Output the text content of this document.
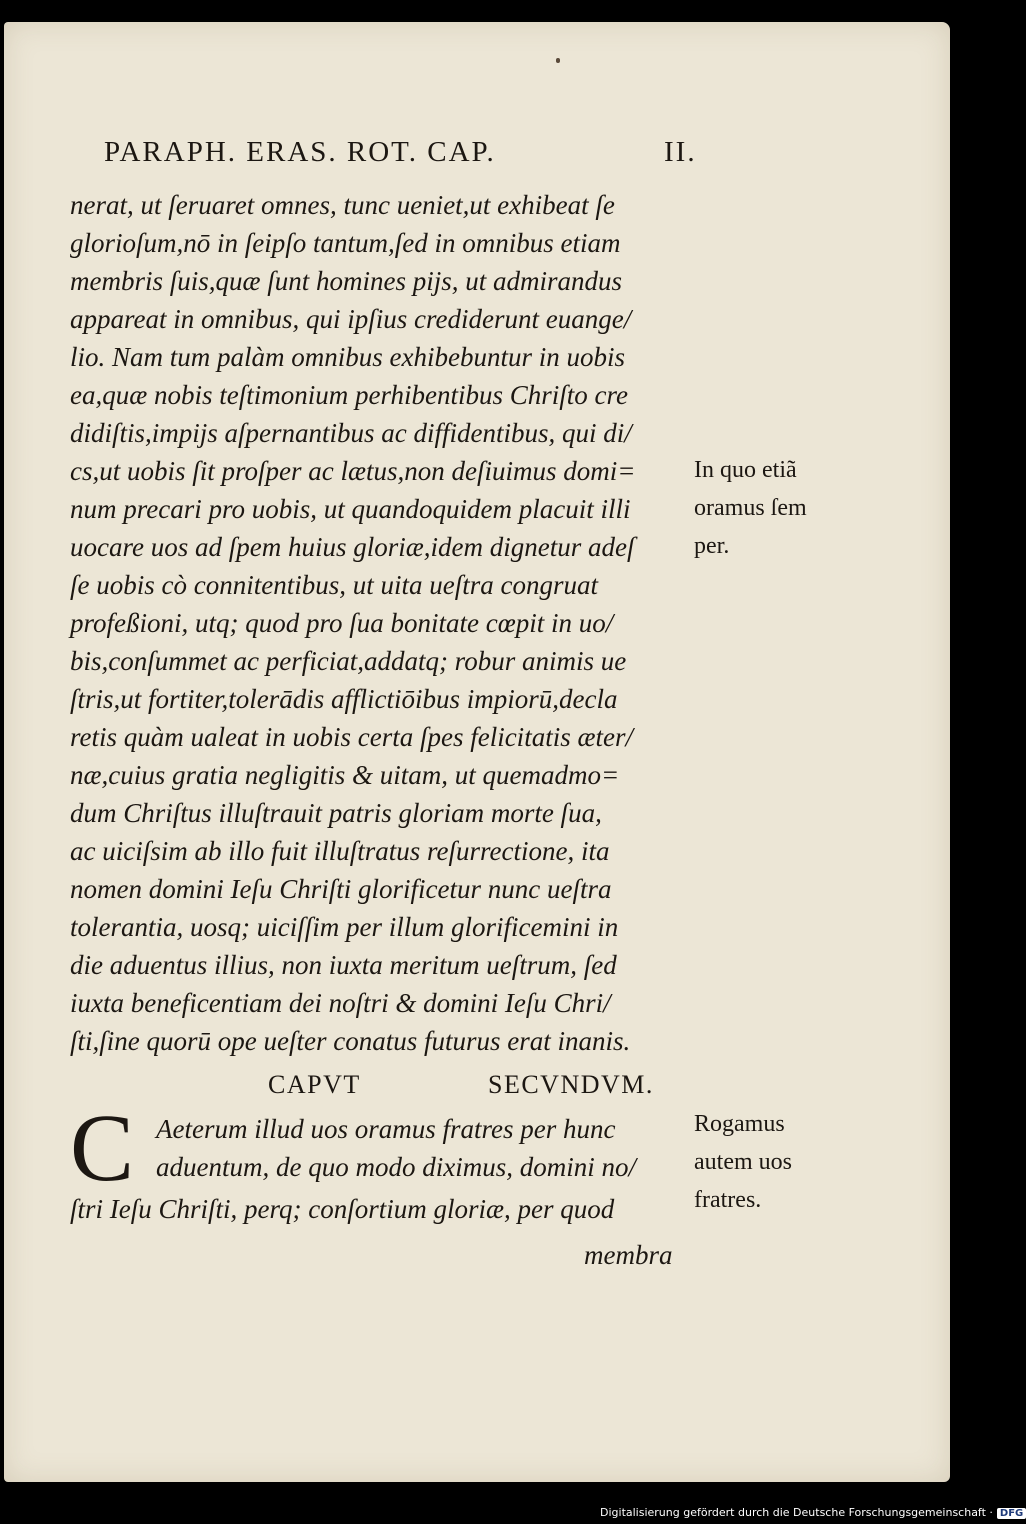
PARAPH. ERAS. ROT. CAP.	II.
nerat, ut ſeruaret omnes, tunc ueniet,ut exhibeat ſe
glorioſum,nō in ſeipſo tantum,ſed in omnibus etiam
membris ſuis,quæ ſunt homines pijs, ut admirandus
appareat in omnibus, qui ipſius crediderunt euange/
lio. Nam tum palàm omnibus exhibebuntur in uobis
ea,quæ nobis teſtimonium perhibentibus Chriſto cre
didiſtis,impijs aſpernantibus ac diffidentibus, qui di/
cs,ut uobis ſit proſper ac lætus,non deſiuimus domi=
num precari pro uobis, ut quandoquidem placuit illi
uocare uos ad ſpem huius gloriæ,idem dignetur adeſ
ſe uobis cò connitentibus, ut uita ueſtra congruat
profeßioni, utq; quod pro ſua bonitate cœpit in uo/
bis,conſummet ac perficiat,addatq; robur animis ue
ſtris,ut fortiter,tolerādis afflictiōibus impiorū,decla
retis quàm ualeat in uobis certa ſpes felicitatis æter/
næ,cuius gratia negligitis & uitam, ut quemadmo=
dum Chriſtus illuſtrauit patris gloriam morte ſua,
ac uiciſsim ab illo fuit illuſtratus reſurrectione, ita
nomen domini Ieſu Chriſti glorificetur nunc ueſtra
tolerantia, uosq; uiciſſim per illum glorificemini in
die aduentus illius, non iuxta meritum ueſtrum, ſed
iuxta beneficentiam dei noſtri & domini Ieſu Chri/
ſti,ſine quorū ope ueſter conatus futurus erat inanis.
In quo etiã
oramus ſem
per.
CAPVT	SECVNDVM.
C Aeterum illud uos oramus fratres per hunc
aduentum, de quo modo diximus, domini no/
ſtri Ieſu Chriſti, perq; conſortium gloriæ, per quod
Rogamus
autem uos
fratres.
membra
Digitalisierung gefördert durch die Deutsche Forschungsgemeinschaft · DFG
